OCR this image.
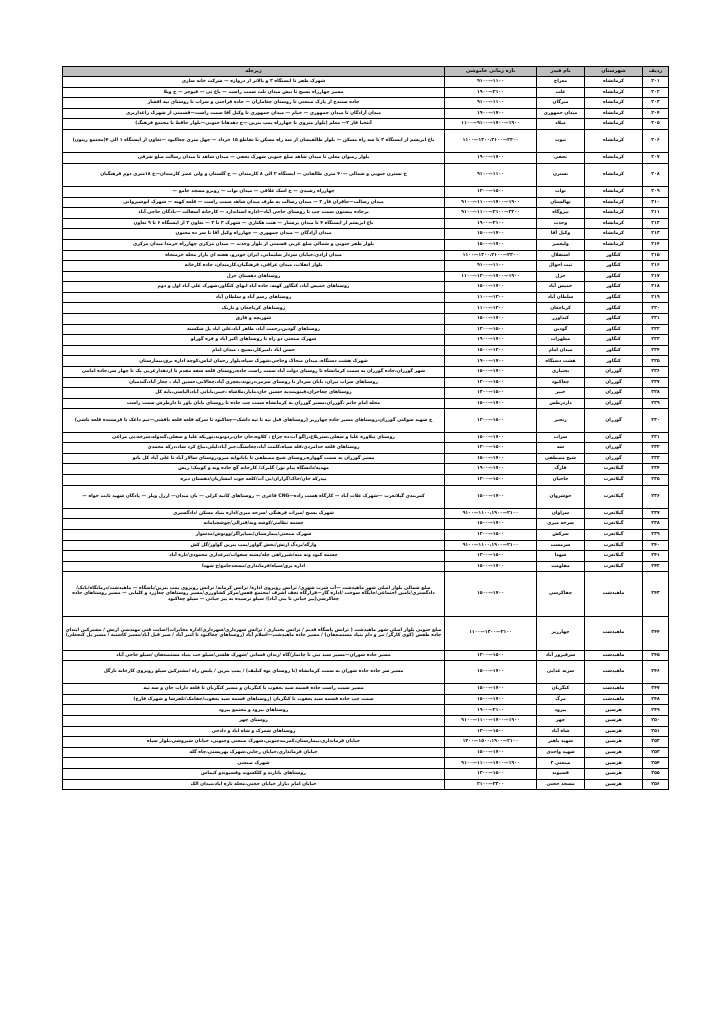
ردیف	شهرستان	نام فیدر	بازه زمانی خاموشی	زیرحله
۲۰۱	کرمانشاه	معراج	۹۱۰۰—۱۱۰۰	شهرک ظفر تا ایستگاه ۲ و بالاتر از دروازه — شرکت خانه سازی
۲۰۲	کرمانشاه	علت	۱۹۰۰—۲۱۰۰	مسیر چهارراه بسیج تا نبش میدان تلث سمت راست — باغ نی — فیوچر — خ ویلا
۲۰۳	کرمانشاه	میرگان	۹۱۰۰—۱۱۰۰	جاده سنندج از پارک صنعتی تا روستای چغاماران — جاده فراجنی و سراب تا روستای نیه افشار
۲۰۴	کرمانشاه	میدان جمهوری	۱۹۰۰—۱۷۰۰	میدان آزادگان تا میدان جمهوری — خیام — میدان جمهوری تا وکیل آقا سمت راست—قسمتی از شهرک زاغداربری
۲۰۵	کرمانشاه	میلاد	۱۱۰۰—۹۱۰۰—۱۷۰۰—۱۹۰۰	آنتخیا فاز ۲— معلم (بلوار منزوی تا چهارراه پمپ بنزین —خ دهدهانا جنوبی—بلوار حافظ تا مجتمع فرهنگ)
۲۰۶	کرمانشاه	نبوت	۱۱۰۰—۱۳۰۰،۲۱۰۰—۲۳۰۰	باغ ابریشم از ایستگاه ۲ تا سه راه مسکن — بلوار طالقیسان از سه راه مسکن تا تقاطع ۱۵ خرداد — چهل متری چغاکبود —تعاون از ایستگاه ۱ الی ۴(مجتمع زیتون)
۲۰۷	کرمانشاه	نجفی	۱۹۰۰—۱۷۰۰	بلوار رضوان معلی تا میدان شاهد ضلع جنوبی شهرک نجفی — میدان شاهد تا میدان رسالت ضلع شرقی
۲۰۸	کرمانشاه	نسترن	۹۱۰۰—۱۱۰۰	خ نسترن جنوبی و شمالی —۴۰ متری طالقانی — ایستگاه ۲ الی ۸ کارمندان — خ گلستان و ولی عصر کارمندان—خ ۱۸متری دوم فرهنگیان
۲۰۹	کرمانشاه	نواب	۱۳۰۰—۱۵۰۰	چهارراه رشیدی — خ اسک علاقی — میدان نواب — روبرو مسجد جامع —
۲۱۰	کرمانشاه	نهالستان	۹۱۰۰—۱۱۰۰—۱۷۰۰—۱۹۰۰	میدان رسالت—جاقزان فاز ۲ — میدان رسالت به طرف میدان شاهد سمت راست — قلعه کهنه — شهرک انوشیروانی
۲۱۱	کرمانشاه	نیروگاه	۹۱۰۰—۱۱۰۰—۲۱۰۰—۲۳۰۰	برجاده بیستون سمت چپ تا روستای حاجی آباد—اداره استاندارد — کارخانه آسفالت —بادگان حاجی آباد
۲۱۲	کرمانشاه	وحدت	۱۹۰۰—۲۱۰۰	باغ ابریشم از ایستگاه ۴ تا میدان پرستار — هنت هکتاری — شهرک ۲ تا ۳ — تعاون ۲ از ایستگاه ۶ تا ۹ تعاون
۲۱۳	کرمانشاه	وکیل آقا	۱۵۰۰—۱۷۰۰	میدان آزادگان — میدان جمهوری — چهارراه وکیل آقا تا سر ده مجنون
۲۱۴	کرمانشاه	ولیعصر	۱۵۰۰—۱۷۰۰	بلوار ظفر جنوبی و شمالی ضلع غربی قسمتی از بلوار وحدت — میدان مرکزی چهارراه خرمدا میدان مرکزی
۲۱۵	کنگاور	استقلال	۱۱۰۰—۱۳۰۰،۲۱۰۰—۲۳۰۰	میدان ازادی،خیابان سردار سلیمانی، ایران خودرو، هفته ای بازار محله خرمنجاه
۲۱۶	کنگاور	ثبت احوال	۹۱۰۰—۱۱۰۰	بلوار انقلاب، میدان عراقی، فرهنگیان،کارمندان، جاده کارخانه
۲۱۷	کنگاور	خزل	۱۱۰۰—۱۳۰۰—۱۷۰۰—۱۹۰۰	روستاهای دهستان خزل
۲۱۸	کنگاور	خمیس آباد	۱۵۰۰—۱۷۰۰	روستاهای خمیس آباد، کنگاور کهنه، جاده آباد ابهای کنگاور،شهرک علی آباد اول و دوم
۲۱۹	کنگاور	سلطان آباد	۱۱۰۰—۱۳۰۰	روستاهای رسم آباد و سلطان آباد
۲۲۰	کنگاور	کرباچغان	۱۱۰۰—۱۳۰۰	روستاهای کرباچغان و تاریک
۲۲۱	کنگاور	کنداوزر	۱۵۰۰—۱۷۰۰	شوریچه و فارق
۲۲۲	کنگاور	گودین	۱۳۰۰—۱۵۰۰	روستاهای گودین،رحمت آباد، طاهر آباد،علی اباد پل شکسته
۲۲۳	کنگاور	مطهرات	۱۹۰۰—۱۷۰۰	شهرک صنعتی دو راه تا روستاهای اکبر آباد و فره گوزلو
۲۲۴	کنگاور	میدان امام	۱۵۰۰—۱۳۰۰	حسن ایاد ،امیرکار،بسیج ، میدان امام
۲۲۵	کنگاور	هشت دستگاه	۱۹۰۰—۱۷۰۰	شهرک هشت دستگاه، میدان ضحاک وحاجی،شهرک سپاه،بلوار رحمان لباس،کوچه اداره برق،بیمارستان
۲۲۶	گوزران	بختیاری	۱۵۰۰—۱۷۰۰	شهر گوزران،جاده گوزران به سمت کرمانشاه تا روستای دولت آباد سمت راست جاده،روستای قلعه شفه مقدم تا ازدهدارغربی یک تا چهار سر،جاده امامی
۲۲۷	گوزران	چغاکبود	۱۳۰۰—۱۵۰۰	روستاهای سراب نیران، بابان سرداز تا روستای سرمز،درتوند،بغچری آباد،چغالابی،حسین آباد ، چغار آباد،گندمیان
۲۲۸	گوزران	خیبر	۱۳۰۰—۱۵۰۰	روستاهای چغاخزان،فینوپتندیه حسین خان،مایاز،ملاشاه ،خیبر،بابانی آباد،الیاسی،بابه کل
۲۲۹	گوزران	داردرطس	۱۵۰۰—۱۷۰۰	محله امام خاتم ،گوزران،مسیر گوزران به کرمانشاه سمت چپ جاده تا روستای بابان پاوز تا دارطرش سمت راست
۲۳۰	گوزران	زنجیر	۱۳۰۰—۱۵۰۰	خ شهید شوکتی گوزران،روستاهای مسیر جاده چهارزبر (روستاهای قبل تپه تا تپه داشک—چغاکبود تا سرکه قلعه فلعه ناقشی—تیم داغک تا فرستنده قلعه ناشی)
۲۳۱	گوزران	سراب	۱۵۰۰—۱۷۰۰	روستای تیلاوره علیا و سفلی،سنزبلاغ،زاگو آب،ده جراغ ، کلاوه،جان جان،ردوتوند،نوربکه علیا و سفلی،گندوله،سرخه،نی مراغی
۲۳۲	گوزران	شه	۱۳۰۰—۱۵۰۰	روستاهای قلعه خدامردی،قله سیاه،کلمت آباد،چغاسنگ،جبر آباد،لیلی،بیاع کرد شاد،درکه محمدی
۲۳۳	گوزران	شیخ مصطفی	۱۵۰۰—۱۷۰۰	مسیر گوزران به سمت گهواره،روستای شیخ مصطفی تا بابانوایه میرو،روستای سالار آباد تا علی آباد کل باتو
۲۳۴	گیلانغرب	فارگ	۱۹۰۰—۱۷۰۰	مهدیه/دانشگاه پیام نور/ گلبرک/ کارخانه گچ جاده ونه و کوینک/ ریس
۲۳۵	گیلانغرب	حاجیان	۱۳۰۰—۱۵۰۰	بیدرکه خان/خاک/گزاران/بی آب/کلغه جوب امشاریان/دهستان دیره
۲۳۶	گیلانغرب	خوشروان	۱۵۰۰—۱۷۰۰	کمربندی گیلانغرب —شهرک علات آباد — کارگاه هست زاده—CNG قاعری — روستاهای کانیه کرلی — بان میدان— ارزل ویلر — پادگان شهید ثابت خواه —
۲۳۷	گیلانغرب	سراوان	۹۱۰۰—۱۱۰۰،۱۹۰۰—۲۱۰۰	شهرک بسیج /میرات فرهنگی /سرخه میری/اداره بنیاد مسکن /دادگستری
۲۳۸	گیلانغرب	سرخه میری	۱۵۰۰—۱۷۰۰	چشمه نظامی/کوشه ونه/قنرالی/چوشچیامانه
۲۳۹	گیلانغرب	سرکش	۱۳۰۰—۱۵۰۰	شهرک صنعتی/بیمارستان/بمپایراگر/وونوش/مدسوار
۲۴۰	گیلانغرب	سرمست	۹۱۰۰—۱۱۰۰،۱۹۰۰—۲۱۰۰	وارگه/بردگ ارتش/بخش گواور/پمپ بنزین گواور/گل کش
۲۴۱	گیلانغرب	شهدا	۱۳۰۰—۱۵۰۰	چشمه کبود ونه منه/شیرزاهی چله/پشته سفوات/مرغداری محمودی/تازه آباد
۲۴۲	گیلانغرب	مقاومت	۱۵۰۰—۱۷۰۰	اداره برق/سپاه/فرمانداری/مسجدجامع/خ شهدا
۲۴۳	ماهیدشت	چقاکرسی	۱۵۰۰—۱۷۰۰	ضلع شمالی بلوار اصلی شهر ماهیدشت —آب شرب شهری/ ترانس روبروی اداره/ ترانس کرمایه/ ترانس روبروی پمپ بنزین/پاسگاه — ماهیدشت/درمانگاه/بانک/دادگستری/تامین اجتماعی/جایگاه سوخت /اداره گاز—فرارگاه نجف اشرف /مجتمع قفس/مرکز کشاورزی/مسیر روستاهای چغازرد و کلپایی — مسیر روستاهای جاده چغاکرسی(پیر حیانی تا بنی آباد)/ سیلو نرسیده به پیر حیانی — سیلو چغاکبود
۲۴۴	ماهیدشت	چهارزبر	۱۱۰۰—۱۳۰۰—۲۱۰۰	ضلع جنوبی بلوار اصلی شهر ماهیدشت ( ترانس پاسگاه قدیم / ترانس بختیاری / ترانس شهرداری/شهرداری/اداره مخابرات)/سایت فنی مهندسی ارتش / مشترکین ابتدای جاده طفس (کوی کارگر/ تیر و دام بنیاد مستضعفان) / مسیر جاده ماهیدشت—اسلام آباد (روستاهای چغاکبود تا امیر آباد / سیر قبل آباد/مسیر کاشتیه / مسیر پل کنجعلی)
۲۴۵	ماهیدشت	سرفیروز آباد	۱۳۰۰—۱۵۰۰	مسیر جاده شوران—مسیر سید نبی تا چانمار/گاه /زندان قسانی /شهرک هلشی/سیلو حب بنیاد مستضعفان /سیلو حاجی آباد
۲۴۶	ماهیدشت	سرنه غذایی	۱۵۰۰—۱۷۰۰	مسیر سر جاده جاده شوران به سمت کرمانشاه (تا روستای توه کیلیف) / پمپ بنزین / پلیس راه /مشترکین سیلو روبروی کارخانه تازگل
۲۴۷	ماهیدشت	کنگربان	۱۵۰۰—۱۷۰۰	مسیر سمت راست جاده قسمه سید یعقوب تا کنگربان و مسیر کنگربان تا قلعه داراب خان و سه تپه
۲۴۸	ماهیدشت	مرگ	۱۵۰۰—۱۷۰۰	سمت چپ جاده قسمه سید یعقوب تا کنگربان (روستاهای قسمه سید یعقوب/چقامک/تلفرشا و شهرک فارج)
۲۴۹	هرسین	بیرود	۱۹۰۰—۲۱۰۰	روستاهای بیرود و مجتمع بیرود
۲۵۰	هرسین	چهر	۹۱۰۰—۱۱۰۰—۱۷۰۰—۱۹۰۰	روستای چهر
۲۵۱	هرسین	شاه آباد	۱۳۰۰—۱۵۰۰	روستاهای شمرک و شاه اباد و دادجی
۲۵۲	هرسین	شهید باهنر	۱۳۰۰—۱۵۰۰،۱۹۰۰—۲۱۰۰	خیابان فرمانداری،بیمارستان،کمربندجنوبی،شهرک صنعتی وجنوبی، خیابان شیروشی،بلوار سپاه
۲۵۳	هرسین	شهید واحدی	۱۵۰۰—۱۷۰۰	خیابان فرمانداری،خیابان رجایی،شهرک بهزیستی،چاه گله
۲۵۴	هرسین	صنعتی ۲	۹۱۰۰—۱۱۰۰—۱۷۰۰—۱۹۰۰	شهرک صنعتی
۲۵۵	هرسین	فسیوند	۱۳۰۰—۱۵۰۰	روستاهای بانازند و کلکشوند وفسیوندو کیماس
۲۵۶	هرسین	مسجد حجتی	۲۱۰۰—۲۳۰۰	خیابان امام ،بازار خیابان حجتی،محله تازه اباد،میدان الک
